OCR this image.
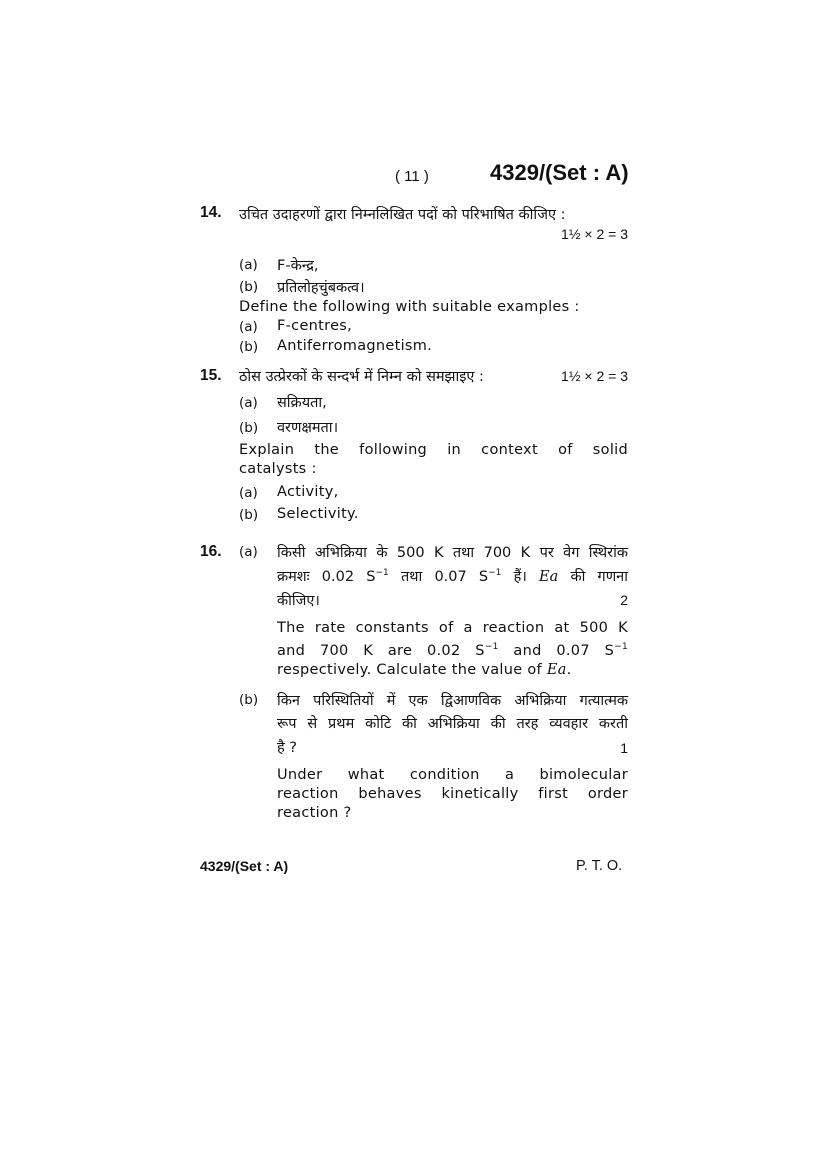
( 11 )	4329/(Set : A)
14. उचित उदाहरणों द्वारा निम्नलिखित पदों को परिभाषित कीजिए :
1½ × 2 = 3
(a) F-केन्द्र,
(b) प्रतिलोहचुंबकत्व।
Define the following with suitable examples :
(a) F-centres,
(b) Antiferromagnetism.
15. ठोस उत्प्रेरकों के सन्दर्भ में निम्न को समझाइए :	1½ × 2 = 3
(a) सक्रियता,
(b) वरणक्षमता।
Explain the following in context of solid
catalysts :
(a) Activity,
(b) Selectivity.
16. (a) किसी अभिक्रिया के 500 K तथा 700 K पर वेग स्थिरांक
क्रमशः 0.02 $S^{-1}$ तथा 0.07 $S^{-1}$ हैं। Ea की गणना
कीजिए।	2
The rate constants of a reaction at 500 K
and 700 K are 0.02 $S^{-1}$ and 0.07 $S^{-1}$
respectively. Calculate the value of Ea.
(b) किन परिस्थितियों में एक द्विआणविक अभिक्रिया गत्यात्मक
रूप से प्रथम कोटि की अभिक्रिया की तरह व्यवहार करती
है ?	1
Under what condition a bimolecular
reaction behaves kinetically first order
reaction ?
4329/(Set : A)	P. T. O.
